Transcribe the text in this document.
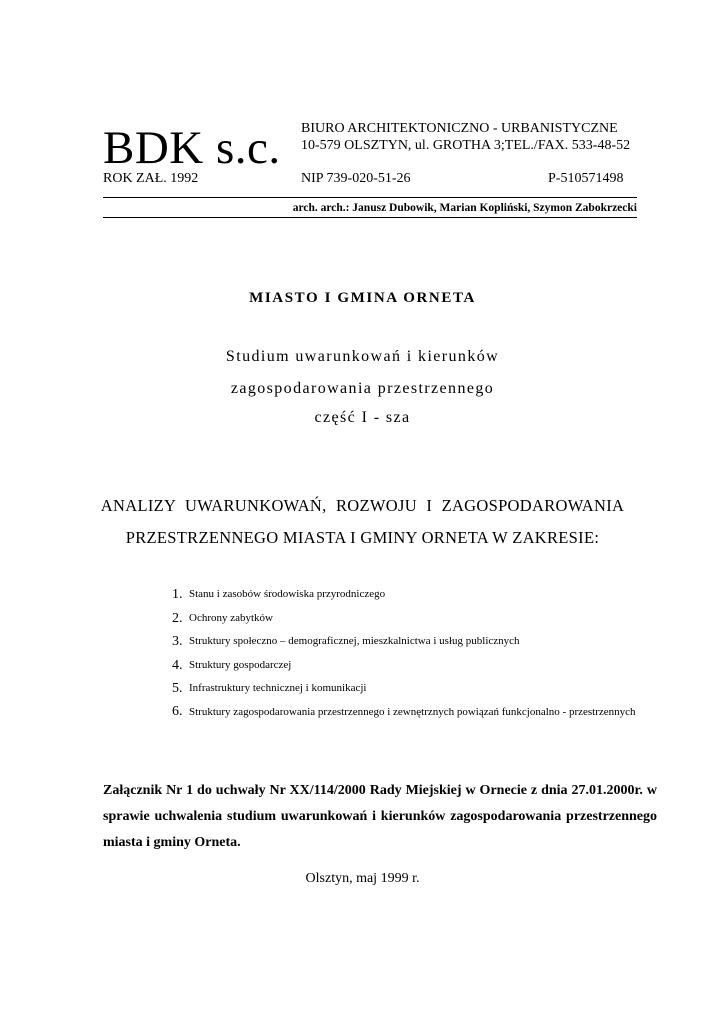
BDK s.c. BIURO ARCHITEKTONICZNO - URBANISTYCZNE
10-579 OLSZTYN, ul. GROTHA 3;TEL./FAX. 533-48-52
ROK ZAŁ. 1992	NIP 739-020-51-26	P-510571498
arch. arch.: Janusz Dubowik, Marian Kopliński, Szymon Zabokrzecki
MIASTO I GMINA ORNETA
Studium uwarunkowań i kierunków
zagospodarowania przestrzennego
część I - sza
ANALIZY UWARUNKOWAŃ, ROZWOJU I ZAGOSPODAROWANIA
PRZESTRZENNEGO MIASTA I GMINY ORNETA W ZAKRESIE:
1. Stanu i zasobów środowiska przyrodniczego
2. Ochrony zabytków
3. Struktury społeczno – demograficznej, mieszkalnictwa i usług publicznych
4. Struktury gospodarczej
5. Infrastruktury technicznej i komunikacji
6. Struktury zagospodarowania przestrzennego i zewnętrznych powiązań funkcjonalno - przestrzennych
Załącznik Nr 1 do uchwały Nr XX/114/2000 Rady Miejskiej w Ornecie z dnia 27.01.2000r. w sprawie uchwalenia studium uwarunkowań i kierunków zagospodarowania przestrzennego miasta i gminy Orneta.
Olsztyn, maj 1999 r.
